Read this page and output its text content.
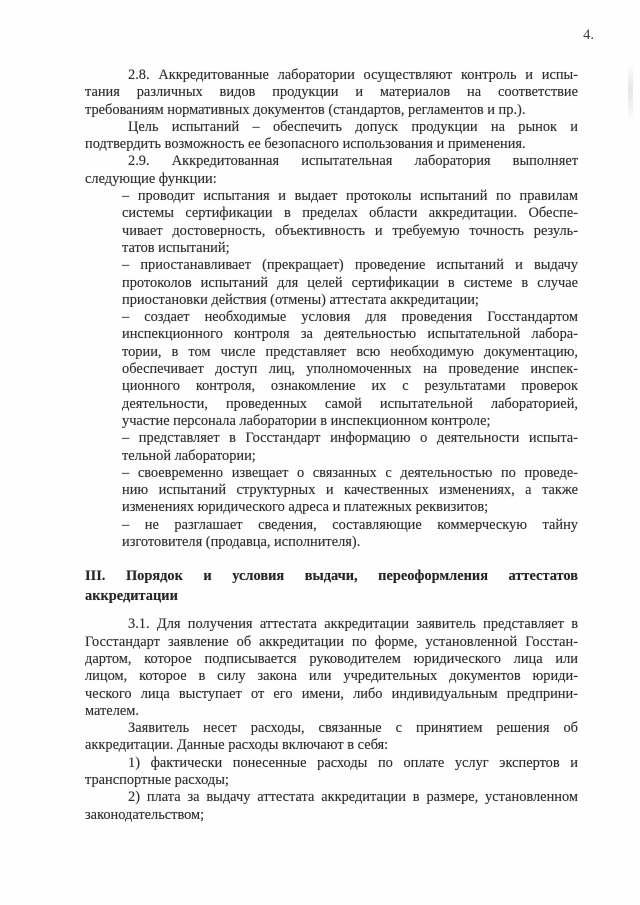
4.
2.8. Аккредитованные лаборатории осуществляют контроль и испы-
тания различных видов продукции и материалов на соответствие
требованиям нормативных документов (стандартов, регламентов и пр.).
Цель испытаний – обеспечить допуск продукции на рынок и
подтвердить возможность ее безопасного использования и применения.
2.9. Аккредитованная испытательная лаборатория выполняет
следующие функции:
– проводит испытания и выдает протоколы испытаний по правилам
системы сертификации в пределах области аккредитации. Обеспе-
чивает достоверность, объективность и требуемую точность резуль-
татов испытаний;
– приостанавливает (прекращает) проведение испытаний и выдачу
протоколов испытаний для целей сертификации в системе в случае
приостановки действия (отмены) аттестата аккредитации;
– создает необходимые условия для проведения Госстандартом
инспекционного контроля за деятельностью испытательной лабора-
тории, в том числе представляет всю необходимую документацию,
обеспечивает доступ лиц, уполномоченных на проведение инспек-
ционного контроля, ознакомление их с результатами проверок
деятельности, проведенных самой испытательной лабораторией,
участие персонала лаборатории в инспекционном контроле;
– представляет в Госстандарт информацию о деятельности испыта-
тельной лаборатории;
– своевременно извещает о связанных с деятельностью по проведе-
нию испытаний структурных и качественных изменениях, а также
изменениях юридического адреса и платежных реквизитов;
– не разглашает сведения, составляющие коммерческую тайну
изготовителя (продавца, исполнителя).
III. Порядок и условия выдачи, переоформления аттестатов
аккредитации
3.1. Для получения аттестата аккредитации заявитель представляет в
Госстандарт заявление об аккредитации по форме, установленной Госстан-
дартом, которое подписывается руководителем юридического лица или
лицом, которое в силу закона или учредительных документов юриди-
ческого лица выступает от его имени, либо индивидуальным предприни-
мателем.
Заявитель несет расходы, связанные с принятием решения об
аккредитации. Данные расходы включают в себя:
1) фактически понесенные расходы по оплате услуг экспертов и
транспортные расходы;
2) плата за выдачу аттестата аккредитации в размере, установленном
законодательством;
